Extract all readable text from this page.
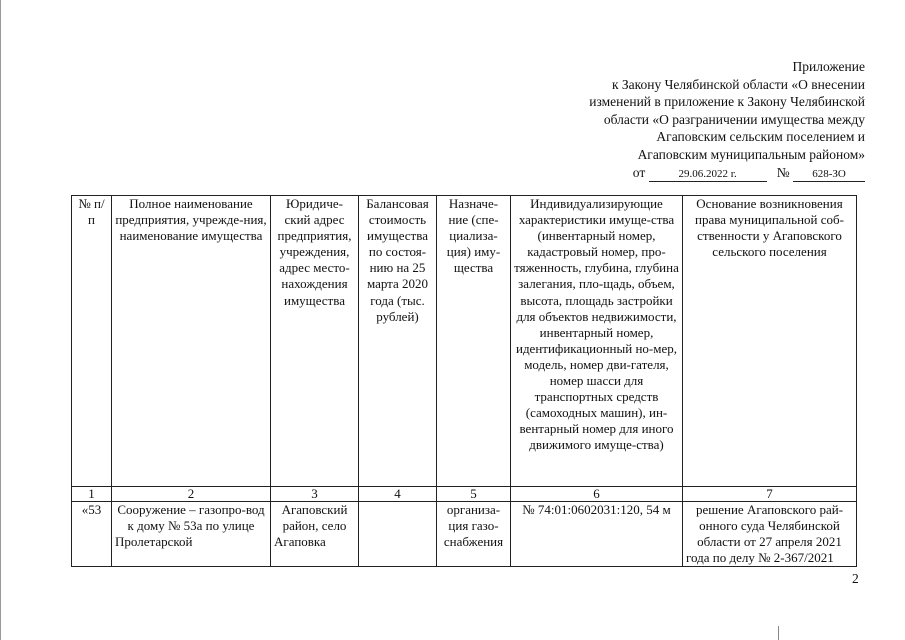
Приложение
к Закону Челябинской области «О внесении
изменений в приложение к Закону Челябинской
области «О разграничении имущества между
Агаповским сельским поселением и
Агаповским муниципальным районом»
от	29.06.2022 г.	№ 628-ЗО
№ п/п	Полное наименование предприятия, учрежде-ния, наименование имущества	Юридиче-ский адрес предприятия, учреждения, адрес место-нахождения имущества	Балансовая стоимость имущества по состоя-нию на 25 марта 2020 года (тыс. рублей)	Назначе-ние (спе-циализа-ция) иму-щества	Индивидуализирующие характеристики имуще-ства (инвентарный номер, кадастровый номер, про-тяженность, глубина, глубина залегания, пло-щадь, объем, высота, площадь застройки для объектов недвижимости, инвентарный номер, идентификационный но-мер, модель, номер дви-гателя, номер шасси для транспортных средств (самоходных машин), ин-вентарный номер для иного движимого имуще-ства)	Основание возникновения права муниципальной соб-ственности у Агаповского сельского поселения
1	2	3	4	5	6	7
«53	Сооружение – газопро-вод к дому № 53а по улице Пролетарской	Агаповский район, село Агаповка		организа-ция газо-снабжения	№ 74:01:0602031:120, 54 м	решение Агаповского рай-онного суда Челябинской области от 27 апреля 2021 года по делу № 2-367/2021
2
